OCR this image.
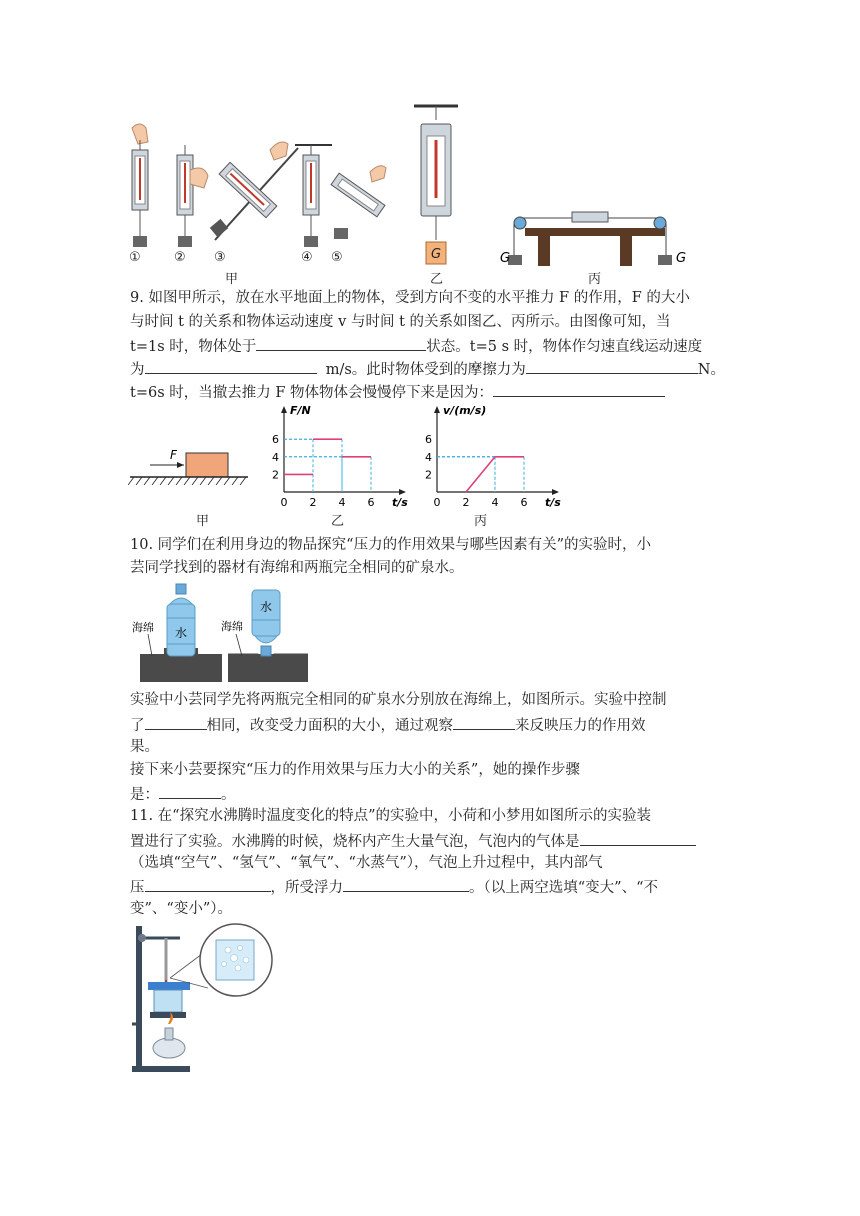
G	G	G
①	② ③	④ ⑤
甲	乙	丙
9. 如图甲所示，放在水平地面上的物体，受到方向不变的水平推力 F 的作用，F 的大小
与时间 t 的关系和物体运动速度 v 与时间 t 的关系如图乙、丙所示。由图像可知，当
t=1s 时，物体处于	状态。t=5 s 时，物体作匀速直线运动速度
为	m/s。此时物体受到的摩擦力为	N。
t=6s 时，当撤去推力 F 物体物体会慢慢停下来是因为：
F
F/N
t/s
0 2 4 6
2
4
6
v/(m/s)
t/s
0 2 4 6
2
4
6
甲	乙	丙
10. 同学们在利用身边的物品探究“压力的作用效果与哪些因素有关”的实验时，小
芸同学找到的器材有海绵和两瓶完全相同的矿泉水。
水
海绵
水
海绵
实验中小芸同学先将两瓶完全相同的矿泉水分别放在海绵上，如图所示。实验中控制
了	相同，改变受力面积的大小，通过观察	来反映压力的作用效
果。
接下来小芸要探究“压力的作用效果与压力大小的关系”，她的操作步骤
是：	。
11. 在“探究水沸腾时温度变化的特点”的实验中，小荷和小梦用如图所示的实验装
置进行了实验。水沸腾的时候，烧杯内产生大量气泡，气泡内的气体是
（选填“空气”、“氢气”、“氧气”、“水蒸气”），气泡上升过程中，其内部气
压	，所受浮力	。（以上两空选填“变大”、“不
变”、“变小”）。
